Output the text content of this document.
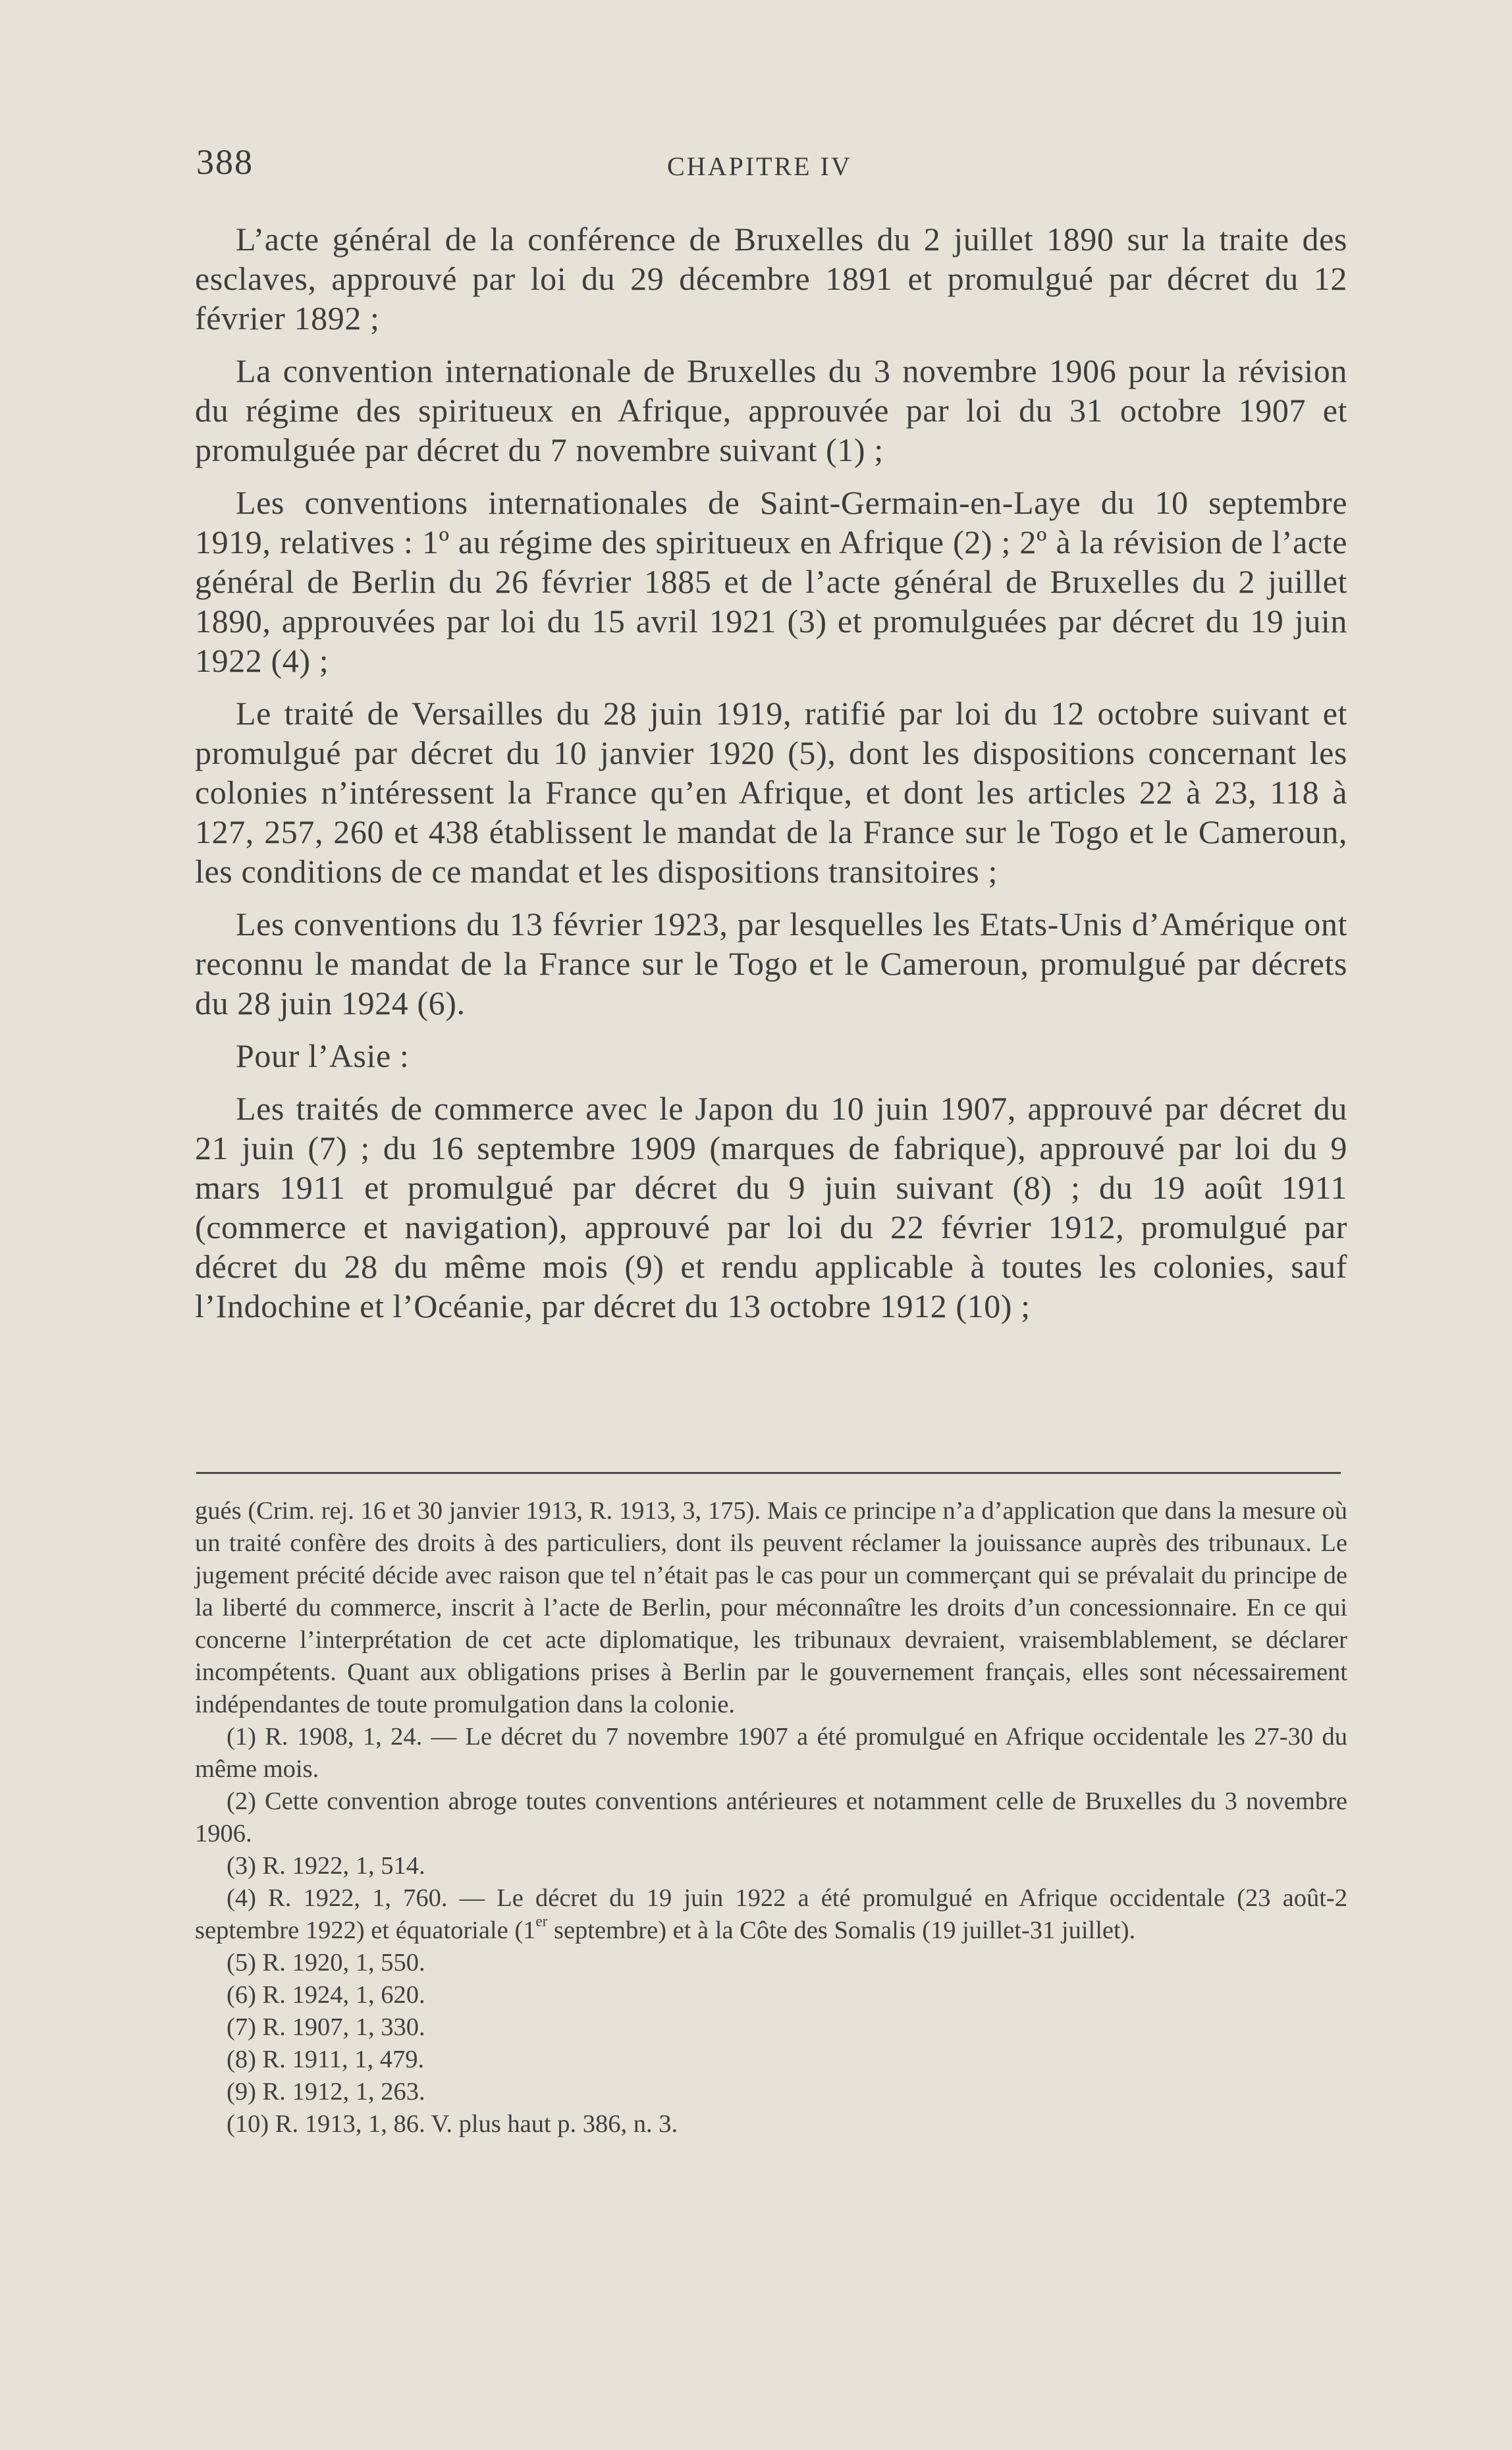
388	CHAPITRE IV

L’acte général de la conférence de Bruxelles du 2 juillet 1890 sur la traite des esclaves, approuvé par loi du 29 décembre 1891 et promulgué par décret du 12 février 1892 ;

La convention internationale de Bruxelles du 3 novembre 1906 pour la révision du régime des spiritueux en Afrique, approuvée par loi du 31 octobre 1907 et promulguée par décret du 7 novembre suivant (1) ;

Les conventions internationales de Saint-Germain-en-Laye du 10 septembre 1919, relatives : 1º au régime des spiritueux en Afrique (2) ; 2º à la révision de l’acte général de Berlin du 26 février 1885 et de l’acte général de Bruxelles du 2 juillet 1890, approuvées par loi du 15 avril 1921 (3) et promulguées par décret du 19 juin 1922 (4) ;

Le traité de Versailles du 28 juin 1919, ratifié par loi du 12 octobre suivant et promulgué par décret du 10 janvier 1920 (5), dont les dispositions concernant les colonies n’intéressent la France qu’en Afrique, et dont les articles 22 à 23, 118 à 127, 257, 260 et 438 établissent le mandat de la France sur le Togo et le Cameroun, les conditions de ce mandat et les dispositions transitoires ;

Les conventions du 13 février 1923, par lesquelles les Etats-Unis d’Amérique ont reconnu le mandat de la France sur le Togo et le Cameroun, promulgué par décrets du 28 juin 1924 (6).

Pour l’Asie :

Les traités de commerce avec le Japon du 10 juin 1907, approuvé par décret du 21 juin (7) ; du 16 septembre 1909 (marques de fabrique), approuvé par loi du 9 mars 1911 et promulgué par décret du 9 juin suivant (8) ; du 19 août 1911 (commerce et navigation), approuvé par loi du 22 février 1912, promulgué par décret du 28 du même mois (9) et rendu applicable à toutes les colonies, sauf l’Indochine et l’Océanie, par décret du 13 octobre 1912 (10) ;

gués (Crim. rej. 16 et 30 janvier 1913, R. 1913, 3, 175). Mais ce principe n’a d’application que dans la mesure où un traité confère des droits à des particuliers, dont ils peuvent réclamer la jouissance auprès des tribunaux. Le jugement précité décide avec raison que tel n’était pas le cas pour un commerçant qui se prévalait du principe de la liberté du commerce, inscrit à l’acte de Berlin, pour méconnaître les droits d’un concessionnaire. En ce qui concerne l’interprétation de cet acte diplomatique, les tribunaux devraient, vraisemblablement, se déclarer incompétents. Quant aux obligations prises à Berlin par le gouvernement français, elles sont nécessairement indépendantes de toute promulgation dans la colonie.

(1) R. 1908, 1, 24. — Le décret du 7 novembre 1907 a été promulgué en Afrique occidentale les 27-30 du même mois.

(2) Cette convention abroge toutes conventions antérieures et notamment celle de Bruxelles du 3 novembre 1906.

(3) R. 1922, 1, 514.

(4) R. 1922, 1, 760. — Le décret du 19 juin 1922 a été promulgué en Afrique occidentale (23 août-2 septembre 1922) et équatoriale (1er septembre) et à la Côte des Somalis (19 juillet-31 juillet).

(5) R. 1920, 1, 550.

(6) R. 1924, 1, 620.

(7) R. 1907, 1, 330.

(8) R. 1911, 1, 479.

(9) R. 1912, 1, 263.

(10) R. 1913, 1, 86. V. plus haut p. 386, n. 3.
